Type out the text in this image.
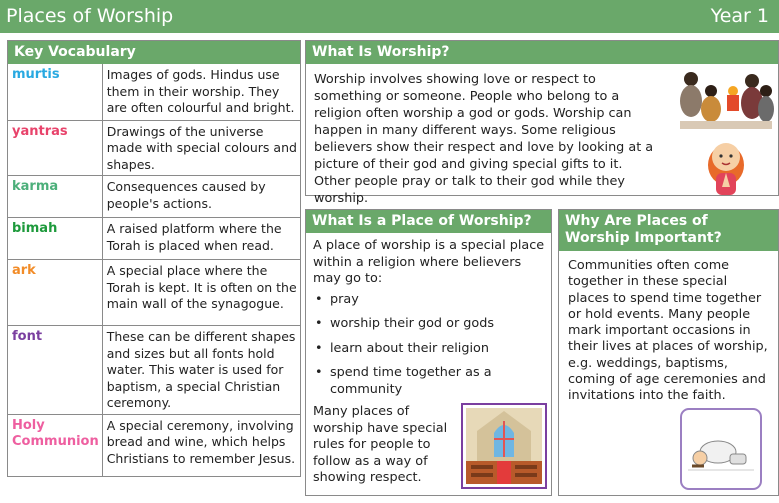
Places of Worship	Year 1
Key Vocabulary
murtis	Images of gods. Hindus use them in their worship. They are often colourful and bright.
yantras	Drawings of the universe made with special colours and shapes.
karma	Consequences caused by people's actions.
bimah	A raised platform where the Torah is placed when read.
ark	A special place where the Torah is kept. It is often on the main wall of the synagogue.
font	These can be different shapes and sizes but all fonts hold water. This water is used for baptism, a special Christian ceremony.
Holy Communion	A special ceremony, involving bread and wine, which helps Christians to remember Jesus.
What Is Worship?
Worship involves showing love or respect to something or someone. People who belong to a religion often worship a god or gods. Worship can happen in many different ways. Some religious believers show their respect and love by looking at a picture of their god and giving special gifts to it. Other people pray or talk to their god while they worship.
What Is a Place of Worship?
A place of worship is a special place within a religion where believers may go to:
• pray
• worship their god or gods
• learn about their religion
• spend time together as a community
Many places of worship have special rules for people to follow as a way of showing respect.
Why Are Places of Worship Important?
Communities often come together in these special places to spend time together or hold events. Many people mark important occasions in their lives at places of worship, e.g. weddings, baptisms, coming of age ceremonies and invitations into the faith.
